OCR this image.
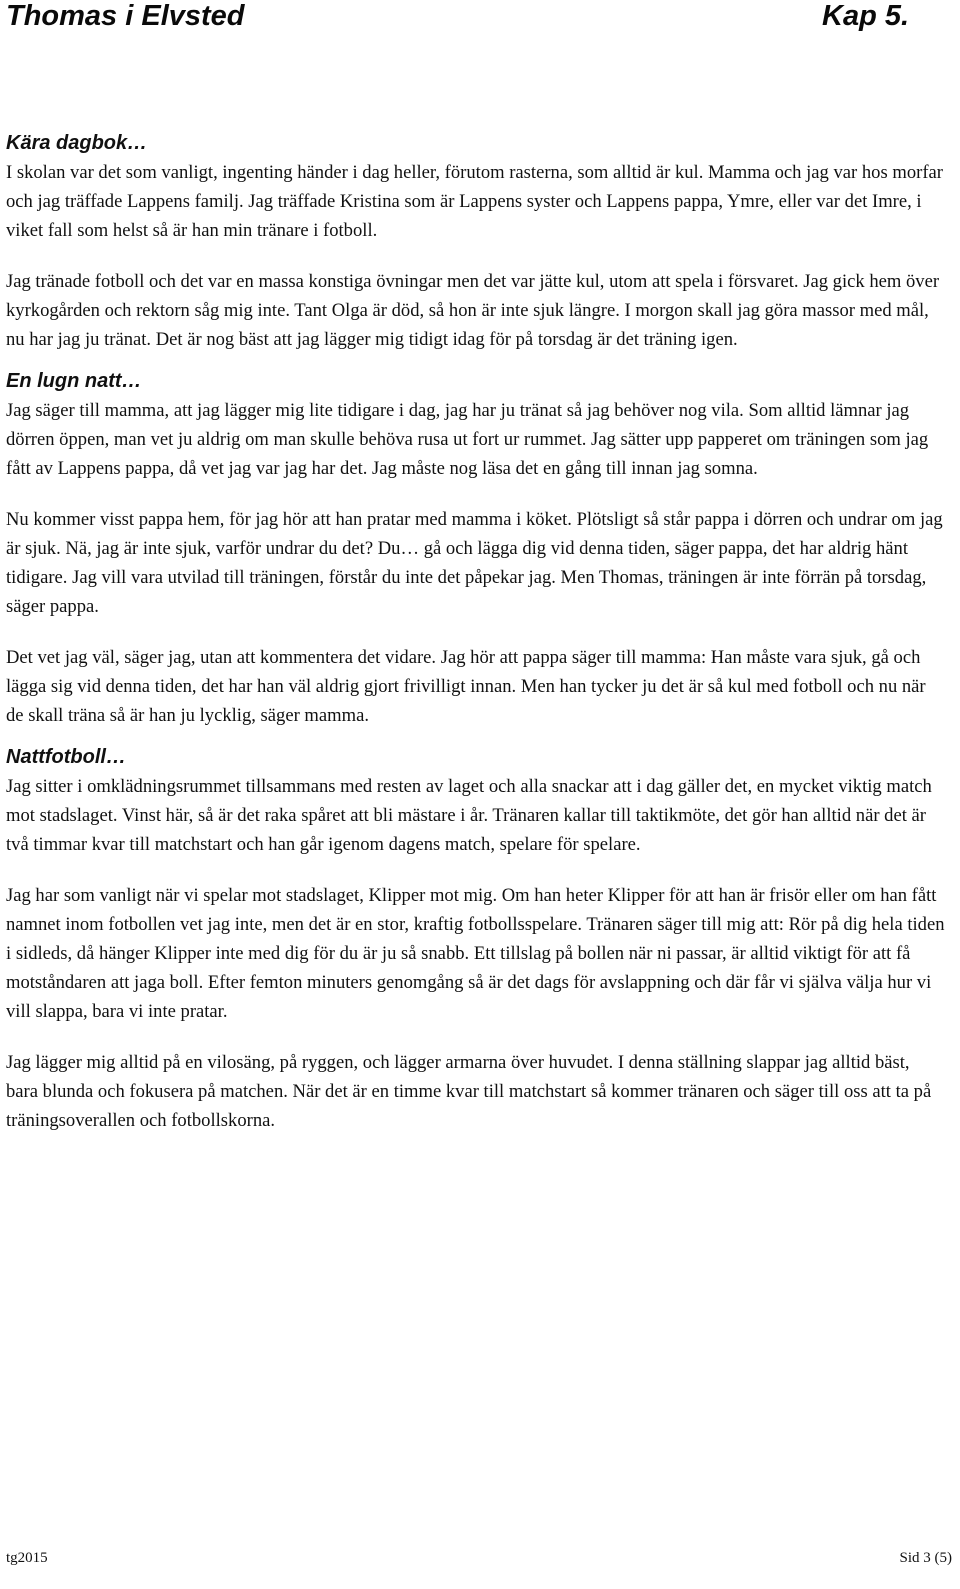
Thomas i Elvsted	Kap 5.
Kära dagbok…

I skolan var det som vanligt, ingenting händer i dag heller, förutom rasterna, som alltid är kul. Mamma och jag var hos morfar och jag träffade Lappens familj. Jag träffade Kristina som är Lappens syster och Lappens pappa, Ymre, eller var det Imre, i viket fall som helst så är han min tränare i fotboll.

Jag tränade fotboll och det var en massa konstiga övningar men det var jätte kul, utom att spela i försvaret. Jag gick hem över kyrkogården och rektorn såg mig inte. Tant Olga är död, så hon är inte sjuk längre. I morgon skall jag göra massor med mål, nu har jag ju tränat. Det är nog bäst att jag lägger mig tidigt idag för på torsdag är det träning igen.

En lugn natt…

Jag säger till mamma, att jag lägger mig lite tidigare i dag, jag har ju tränat så jag behöver nog vila. Som alltid lämnar jag dörren öppen, man vet ju aldrig om man skulle behöva rusa ut fort ur rummet. Jag sätter upp papperet om träningen som jag fått av Lappens pappa, då vet jag var jag har det. Jag måste nog läsa det en gång till innan jag somna.

Nu kommer visst pappa hem, för jag hör att han pratar med mamma i köket. Plötsligt så står pappa i dörren och undrar om jag är sjuk. Nä, jag är inte sjuk, varför undrar du det? Du… gå och lägga dig vid denna tiden, säger pappa, det har aldrig hänt tidigare. Jag vill vara utvilad till träningen, förstår du inte det påpekar jag. Men Thomas, träningen är inte förrän på torsdag, säger pappa.

Det vet jag väl, säger jag, utan att kommentera det vidare. Jag hör att pappa säger till mamma: Han måste vara sjuk, gå och lägga sig vid denna tiden, det har han väl aldrig gjort frivilligt innan. Men han tycker ju det är så kul med fotboll och nu när de skall träna så är han ju lycklig, säger mamma.

Nattfotboll…

Jag sitter i omklädningsrummet tillsammans med resten av laget och alla snackar att i dag gäller det, en mycket viktig match mot stadslaget. Vinst här, så är det raka spåret att bli mästare i år. Tränaren kallar till taktikmöte, det gör han alltid när det är två timmar kvar till matchstart och han går igenom dagens match, spelare för spelare.

Jag har som vanligt när vi spelar mot stadslaget, Klipper mot mig. Om han heter Klipper för att han är frisör eller om han fått namnet inom fotbollen vet jag inte, men det är en stor, kraftig fotbollsspelare. Tränaren säger till mig att: Rör på dig hela tiden i sidleds, då hänger Klipper inte med dig för du är ju så snabb. Ett tillslag på bollen när ni passar, är alltid viktigt för att få motståndaren att jaga boll. Efter femton minuters genomgång så är det dags för avslappning och där får vi själva välja hur vi vill slappa, bara vi inte pratar.

Jag lägger mig alltid på en vilosäng, på ryggen, och lägger armarna över huvudet. I denna ställning slappar jag alltid bäst, bara blunda och fokusera på matchen. När det är en timme kvar till matchstart så kommer tränaren och säger till oss att ta på träningsoverallen och fotbollskorna.

tg2015	Sid 3 (5)
